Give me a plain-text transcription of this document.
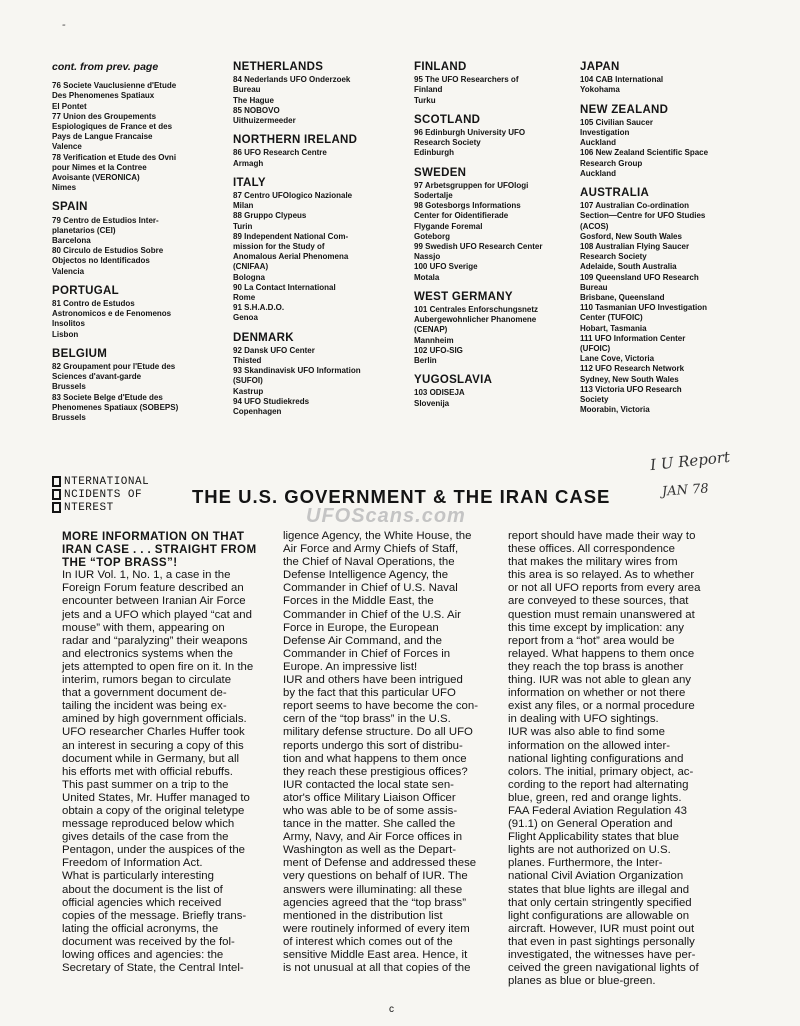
cont. from prev. page

76 Societe Vauclusienne d'Etude
Des Phenomenes Spatiaux
El Pontet
77 Union des Groupements
Espiologiques de France et des
Pays de Langue Francaise
Valence
78 Verification et Etude des Ovni
pour Nimes et la Contree
Avoisante (VERONICA)
Nimes
SPAIN
79 Centro de Estudios Inter-
planetarios (CEI)
Barcelona
80 Circulo de Estudios Sobre
Objectos no Identificados
Valencia
PORTUGAL
81 Contro de Estudos
Astronomicos e de Fenomenos
Insolitos
Lisbon
BELGIUM
82 Groupament pour l'Etude des
Sciences d'avant-garde
Brussels
83 Societe Belge d'Etude des
Phenomenes Spatiaux (SOBEPS)
Brussels
NETHERLANDS
84 Nederlands UFO Onderzoek
Bureau
The Hague
85 NOBOVO
Uithuizermeeder
NORTHERN IRELAND
86 UFO Research Centre
Armagh
ITALY
87 Centro UFOlogico Nazionale
Milan
88 Gruppo Clypeus
Turin
89 Independent National Com-
mission for the Study of
Anomalous Aerial Phenomena
(CNIFAA)
Bologna
90 La Contact International
Rome
91 S.H.A.D.O.
Genoa
DENMARK
92 Dansk UFO Center
Thisted
93 Skandinavisk UFO Information
(SUFOI)
Kastrup
94 UFO Studiekreds
Copenhagen
FINLAND
95 The UFO Researchers of
Finland
Turku
SCOTLAND
96 Edinburgh University UFO
Research Society
Edinburgh
SWEDEN
97 Arbetsgruppen for UFOlogi
Sodertalje
98 Gotesborgs Informations
Center for Oidentifierade
Flygande Foremal
Goteborg
99 Swedish UFO Research Center
Nassjo
100 UFO Sverige
Motala
WEST GERMANY
101 Centrales Enforschungsnetz
Aubergewohnlicher Phanomene
(CENAP)
Mannheim
102 UFO-SIG
Berlin
YUGOSLAVIA
103 ODISEJA
Slovenija
JAPAN
104 CAB International
Yokohama
NEW ZEALAND
105 Civilian Saucer
Investigation
Auckland
106 New Zealand Scientific Space
Research Group
Auckland
AUSTRALIA
107 Australian Co-ordination
Section—Centre for UFO Studies
(ACOS)
Gosford, New South Wales
108 Australian Flying Saucer
Research Society
Adelaide, South Australia
109 Queensland UFO Research
Bureau
Brisbane, Queensland
110 Tasmanian UFO Investigation
Center (TUFOIC)
Hobart, Tasmania
111 UFO Information Center
(UFOIC)
Lane Cove, Victoria
112 UFO Research Network
Sydney, New South Wales
113 Victoria UFO Research
Society
Moorabin, Victoria
-
I U Report
JAN 78
NTERNATIONAL
NCIDENTS OF
NTEREST
THE U.S. GOVERNMENT & THE IRAN CASE
UFOScans.com
MORE INFORMATION ON THAT
IRAN CASE . . . STRAIGHT FROM
THE “TOP BRASS”!
In IUR Vol. 1, No. 1, a case in the
Foreign Forum feature described an
encounter between Iranian Air Force
jets and a UFO which played “cat and
mouse” with them, appearing on
radar and “paralyzing” their weapons
and electronics systems when the
jets attempted to open fire on it. In the
interim, rumors began to circulate
that a government document de-
tailing the incident was being ex-
amined by high government officials.
UFO researcher Charles Huffer took
an interest in securing a copy of this
document while in Germany, but all
his efforts met with official rebuffs.
This past summer on a trip to the
United States, Mr. Huffer managed to
obtain a copy of the original teletype
message reproduced below which
gives details of the case from the
Pentagon, under the auspices of the
Freedom of Information Act.
What is particularly interesting
about the document is the list of
official agencies which received
copies of the message. Briefly trans-
lating the official acronyms, the
document was received by the fol-
lowing offices and agencies: the
Secretary of State, the Central Intel-
ligence Agency, the White House, the
Air Force and Army Chiefs of Staff,
the Chief of Naval Operations, the
Defense Intelligence Agency, the
Commander in Chief of U.S. Naval
Forces in the Middle East, the
Commander in Chief of the U.S. Air
Force in Europe, the European
Defense Air Command, and the
Commander in Chief of Forces in
Europe. An impressive list!
IUR and others have been intrigued
by the fact that this particular UFO
report seems to have become the con-
cern of the “top brass” in the U.S.
military defense structure. Do all UFO
reports undergo this sort of distribu-
tion and what happens to them once
they reach these prestigious offices?
IUR contacted the local state sen-
ator's office Military Liaison Officer
who was able to be of some assis-
tance in the matter. She called the
Army, Navy, and Air Force offices in
Washington as well as the Depart-
ment of Defense and addressed these
very questions on behalf of IUR. The
answers were illuminating: all these
agencies agreed that the “top brass”
mentioned in the distribution list
were routinely informed of every item
of interest which comes out of the
sensitive Middle East area. Hence, it
is not unusual at all that copies of the
report should have made their way to
these offices. All correspondence
that makes the military wires from
this area is so relayed. As to whether
or not all UFO reports from every area
are conveyed to these sources, that
question must remain unanswered at
this time except by implication: any
report from a “hot” area would be
relayed. What happens to them once
they reach the top brass is another
thing. IUR was not able to glean any
information on whether or not there
exist any files, or a normal procedure
in dealing with UFO sightings.
IUR was also able to find some
information on the allowed inter-
national lighting configurations and
colors. The initial, primary object, ac-
cording to the report had alternating
blue, green, red and orange lights.
FAA Federal Aviation Regulation 43
(91.1) on General Operation and
Flight Applicability states that blue
lights are not authorized on U.S.
planes. Furthermore, the Inter-
national Civil Aviation Organization
states that blue lights are illegal and
that only certain stringently specified
light configurations are allowable on
aircraft. However, IUR must point out
that even in past sightings personally
investigated, the witnesses have per-
ceived the green navigational lights of
planes as blue or blue-green.
c
